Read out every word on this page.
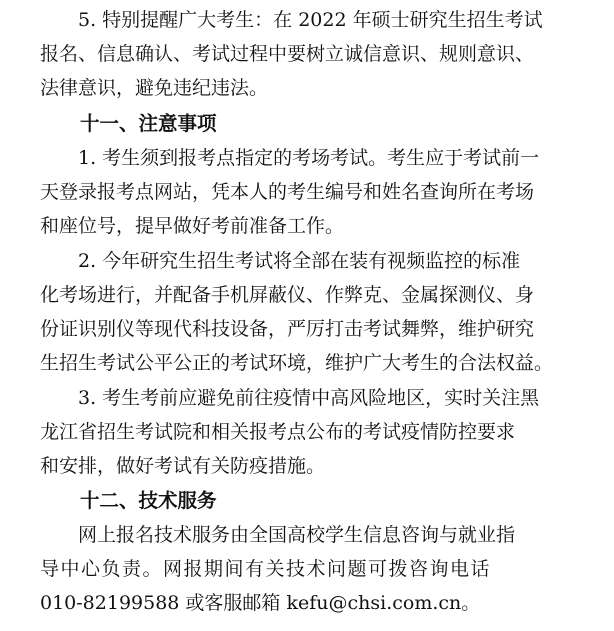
5. 特别提醒广大考生：在 2022 年硕士研究生招生考试
报名、信息确认、考试过程中要树立诚信意识、规则意识、
法律意识，避免违纪违法。
十一、注意事项
1. 考生须到报考点指定的考场考试。考生应于考试前一
天登录报考点网站，凭本人的考生编号和姓名查询所在考场
和座位号，提早做好考前准备工作。
2. 今年研究生招生考试将全部在装有视频监控的标准
化考场进行，并配备手机屏蔽仪、作弊克、金属探测仪、身
份证识别仪等现代科技设备，严厉打击考试舞弊，维护研究
生招生考试公平公正的考试环境，维护广大考生的合法权益。
3. 考生考前应避免前往疫情中高风险地区，实时关注黑
龙江省招生考试院和相关报考点公布的考试疫情防控要求
和安排，做好考试有关防疫措施。
十二、技术服务
网上报名技术服务由全国高校学生信息咨询与就业指
导中心负责。网报期间有关技术问题可拨咨询电话
010-82199588 或客服邮箱 kefu@chsi.com.cn。
